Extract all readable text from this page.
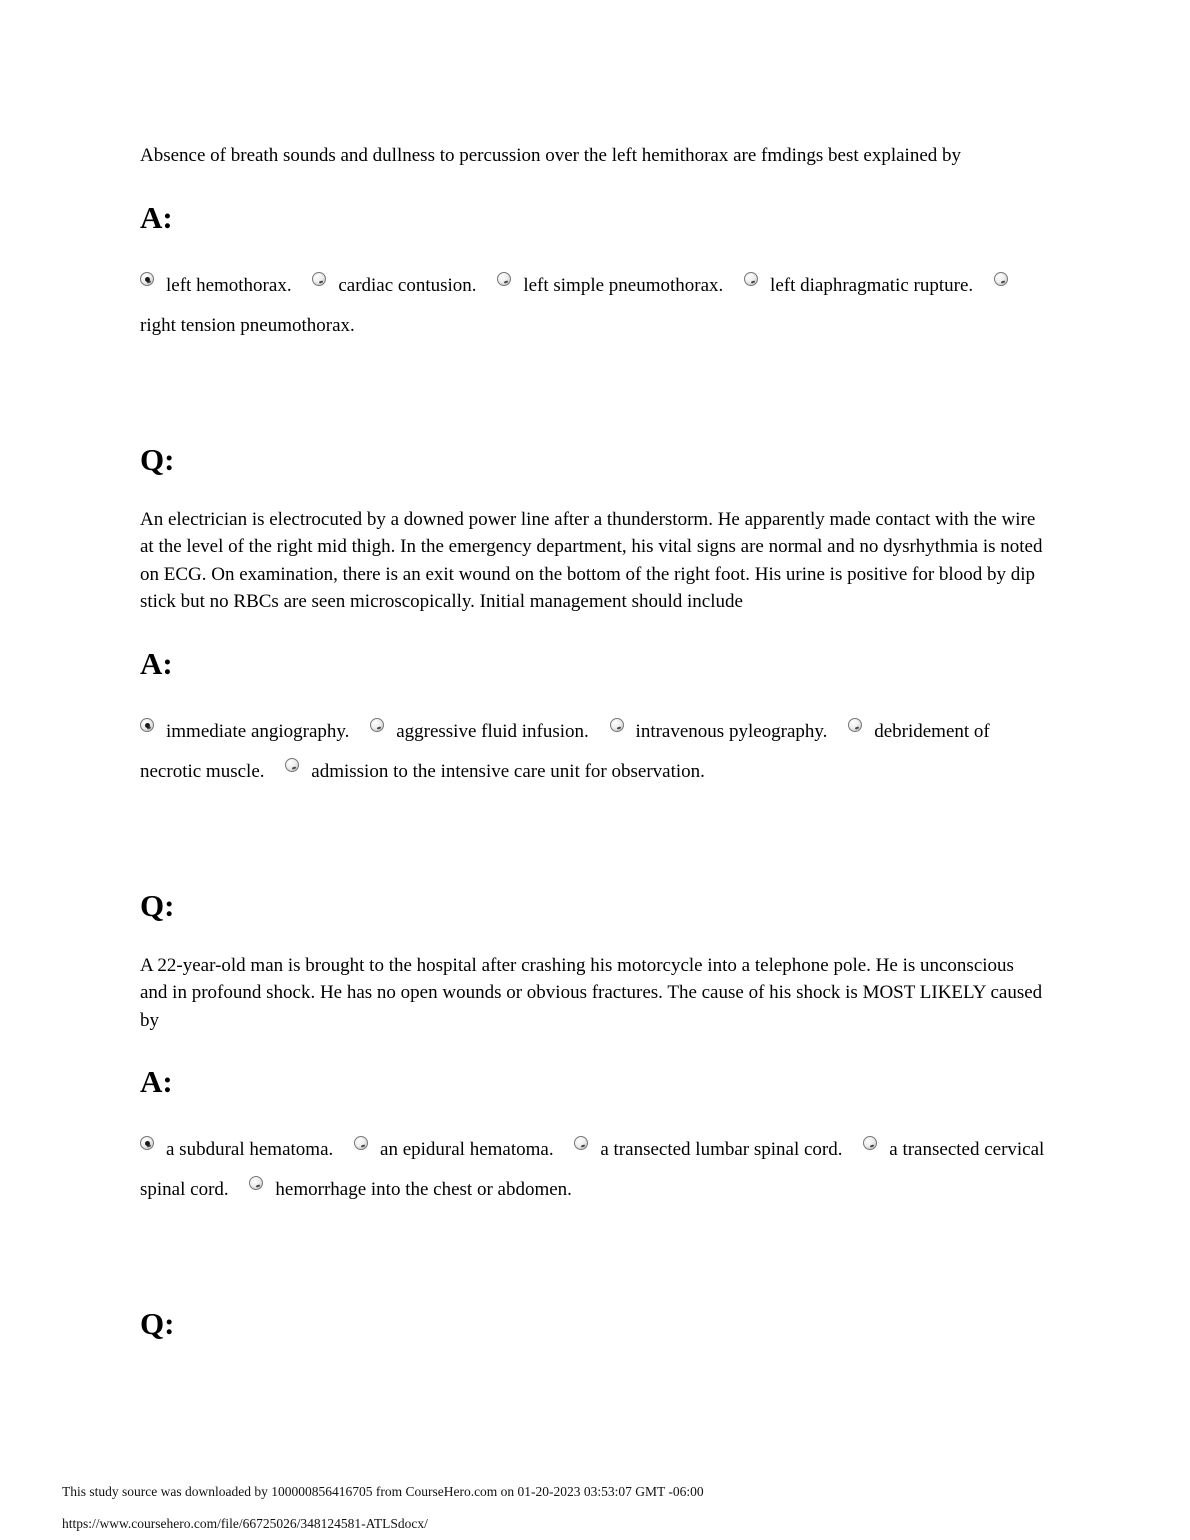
Absence of breath sounds and dullness to percussion over the left hemithorax are fmdings best explained by

A:

left hemothorax. cardiac contusion. left simple pneumothorax. left diaphragmatic rupture. right tension pneumothorax.

Q:

An electrician is electrocuted by a downed power line after a thunderstorm. He apparently made contact with the wire at the level of the right mid thigh. In the emergency department, his vital signs are normal and no dysrhythmia is noted on ECG. On examination, there is an exit wound on the bottom of the right foot. His urine is positive for blood by dip stick but no RBCs are seen microscopically. Initial management should include

A:

immediate angiography. aggressive fluid infusion. intravenous pyleography. debridement of necrotic muscle. admission to the intensive care unit for observation.

Q:

A 22-year-old man is brought to the hospital after crashing his motorcycle into a telephone pole. He is unconscious and in profound shock. He has no open wounds or obvious fractures. The cause of his shock is MOST LIKELY caused by

A:

a subdural hematoma. an epidural hematoma. a transected lumbar spinal cord. a transected cervical spinal cord. hemorrhage into the chest or abdomen.

Q:
This study source was downloaded by 100000856416705 from CourseHero.com on 01-20-2023 03:53:07 GMT -06:00
https://www.coursehero.com/file/66725026/348124581-ATLSdocx/
